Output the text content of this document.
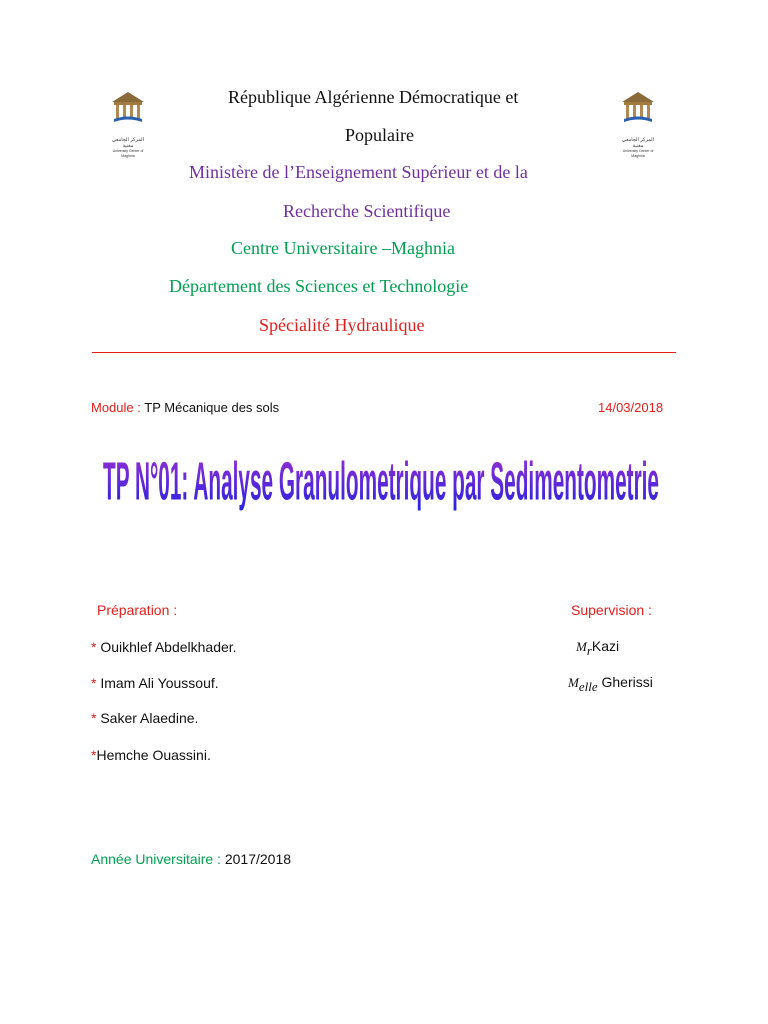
المركز الجامعي مغنية
University Center of Maghnia
المركز الجامعي مغنية
University Center of Maghnia
République Algérienne Démocratique et
Populaire
Ministère de l’Enseignement Supérieur et de la
Recherche Scientifique
Centre Universitaire –Maghnia
Département des Sciences et Technologie
Spécialité Hydraulique
Module : TP Mécanique des sols	14/03/2018
TP N°01: Analyse Granulometrique par Sedimentometrie
Préparation :	Supervision :
* Ouikhlef Abdelkhader.
* Imam Ali Youssouf.
* Saker Alaedine.
*Hemche Ouassini.
$M_rKazi$
$M_{elle}$ Gherissi
Année Universitaire : 2017/2018
